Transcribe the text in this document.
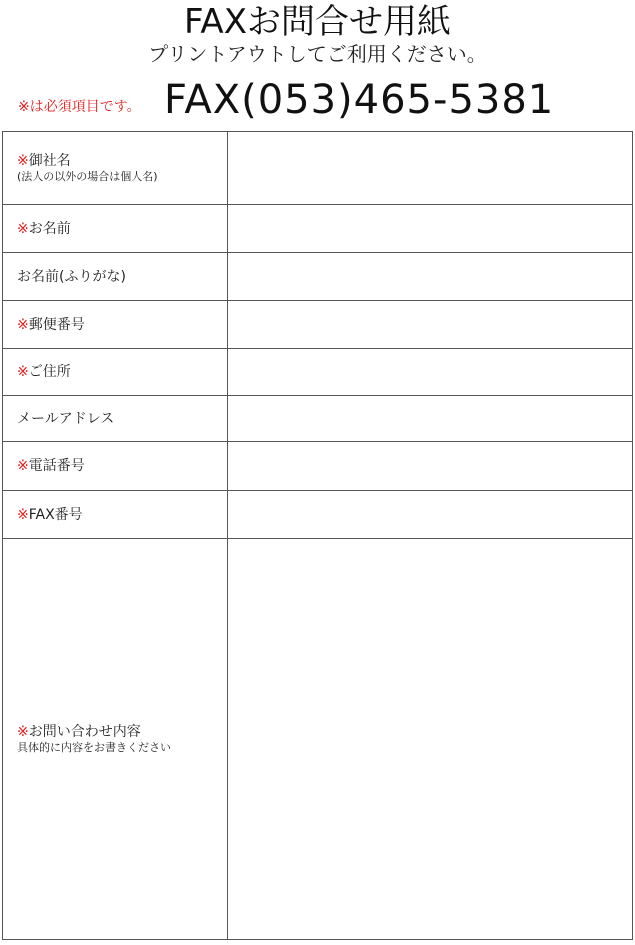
FAXお問合せ用紙
プリントアウトしてご利用ください。
※は必須項目です。 FAX(053)465-5381
※御社名
(法人の以外の場合は個人名)	

※お名前	
お名前(ふりがな)	
※郵便番号	
※ご住所	
メールアドレス	
※電話番号	
※FAX番号	
※お問い合わせ内容
具体的に内容をお書きください	
